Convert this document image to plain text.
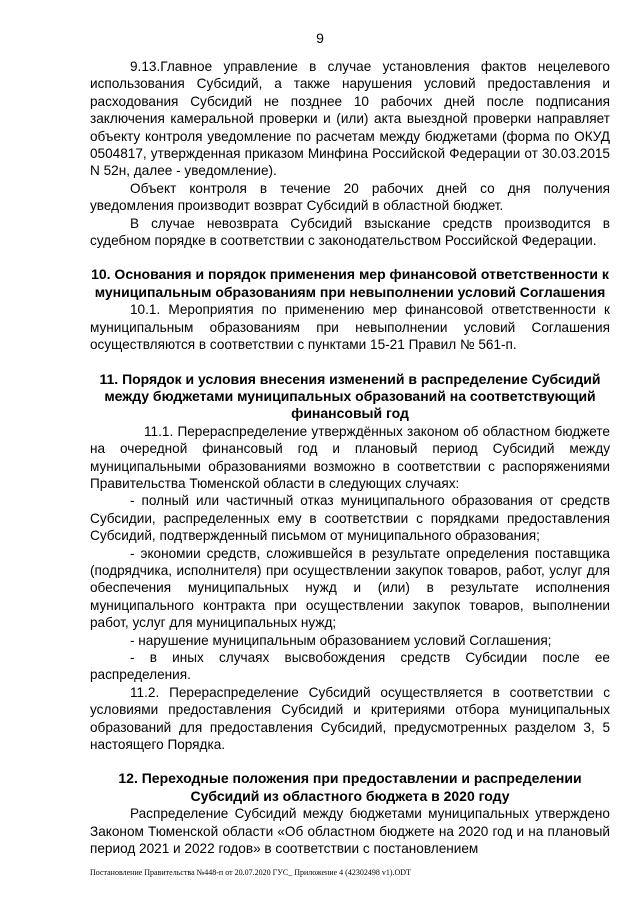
9

9.13.Главное управление в случае установления фактов нецелевого использования Субсидий, а также нарушения условий предоставления и расходования Субсидий не позднее 10 рабочих дней после подписания заключения камеральной проверки и (или) акта выездной проверки направляет объекту контроля уведомление по расчетам между бюджетами (форма по ОКУД 0504817, утвержденная приказом Минфина Российской Федерации от 30.03.2015 N 52н, далее - уведомление).

Объект контроля в течение 20 рабочих дней со дня получения уведомления производит возврат Субсидий в областной бюджет.

В случае невозврата Субсидий взыскание средств производится в судебном порядке в соответствии с законодательством Российской Федерации.

10. Основания и порядок применения мер финансовой ответственности к муниципальным образованиям при невыполнении условий Соглашения

10.1. Мероприятия по применению мер финансовой ответственности к муниципальным образованиям при невыполнении условий Соглашения осуществляются в соответствии с пунктами 15-21 Правил № 561-п.

11. Порядок и условия внесения изменений в распределение Субсидий между бюджетами муниципальных образований на соответствующий финансовый год

11.1. Перераспределение утверждённых законом об областном бюджете на очередной финансовый год и плановый период Субсидий между муниципальными образованиями возможно в соответствии с распоряжениями Правительства Тюменской области в следующих случаях:

- полный или частичный отказ муниципального образования от средств Субсидии, распределенных ему в соответствии с порядками предоставления Субсидий, подтвержденный письмом от муниципального образования;

- экономии средств, сложившейся в результате определения поставщика (подрядчика, исполнителя) при осуществлении закупок товаров, работ, услуг для обеспечения муниципальных нужд и (или) в результате исполнения муниципального контракта при осуществлении закупок товаров, выполнении работ, услуг для муниципальных нужд;

- нарушение муниципальным образованием условий Соглашения;

- в иных случаях высвобождения средств Субсидии после ее распределения.

11.2. Перераспределение Субсидий осуществляется в соответствии с условиями предоставления Субсидий и критериями отбора муниципальных образований для предоставления Субсидий, предусмотренных разделом 3, 5 настоящего Порядка.

12. Переходные положения при предоставлении и распределении Субсидий из областного бюджета в 2020 году

Распределение Субсидий между бюджетами муниципальных утверждено Законом Тюменской области «Об областном бюджете на 2020 год и на плановый период 2021 и 2022 годов» в соответствии с постановлением

Постановление Правительства №448-п от 20.07.2020 ГУС_ Приложение 4 (42302498 v1).ODT
